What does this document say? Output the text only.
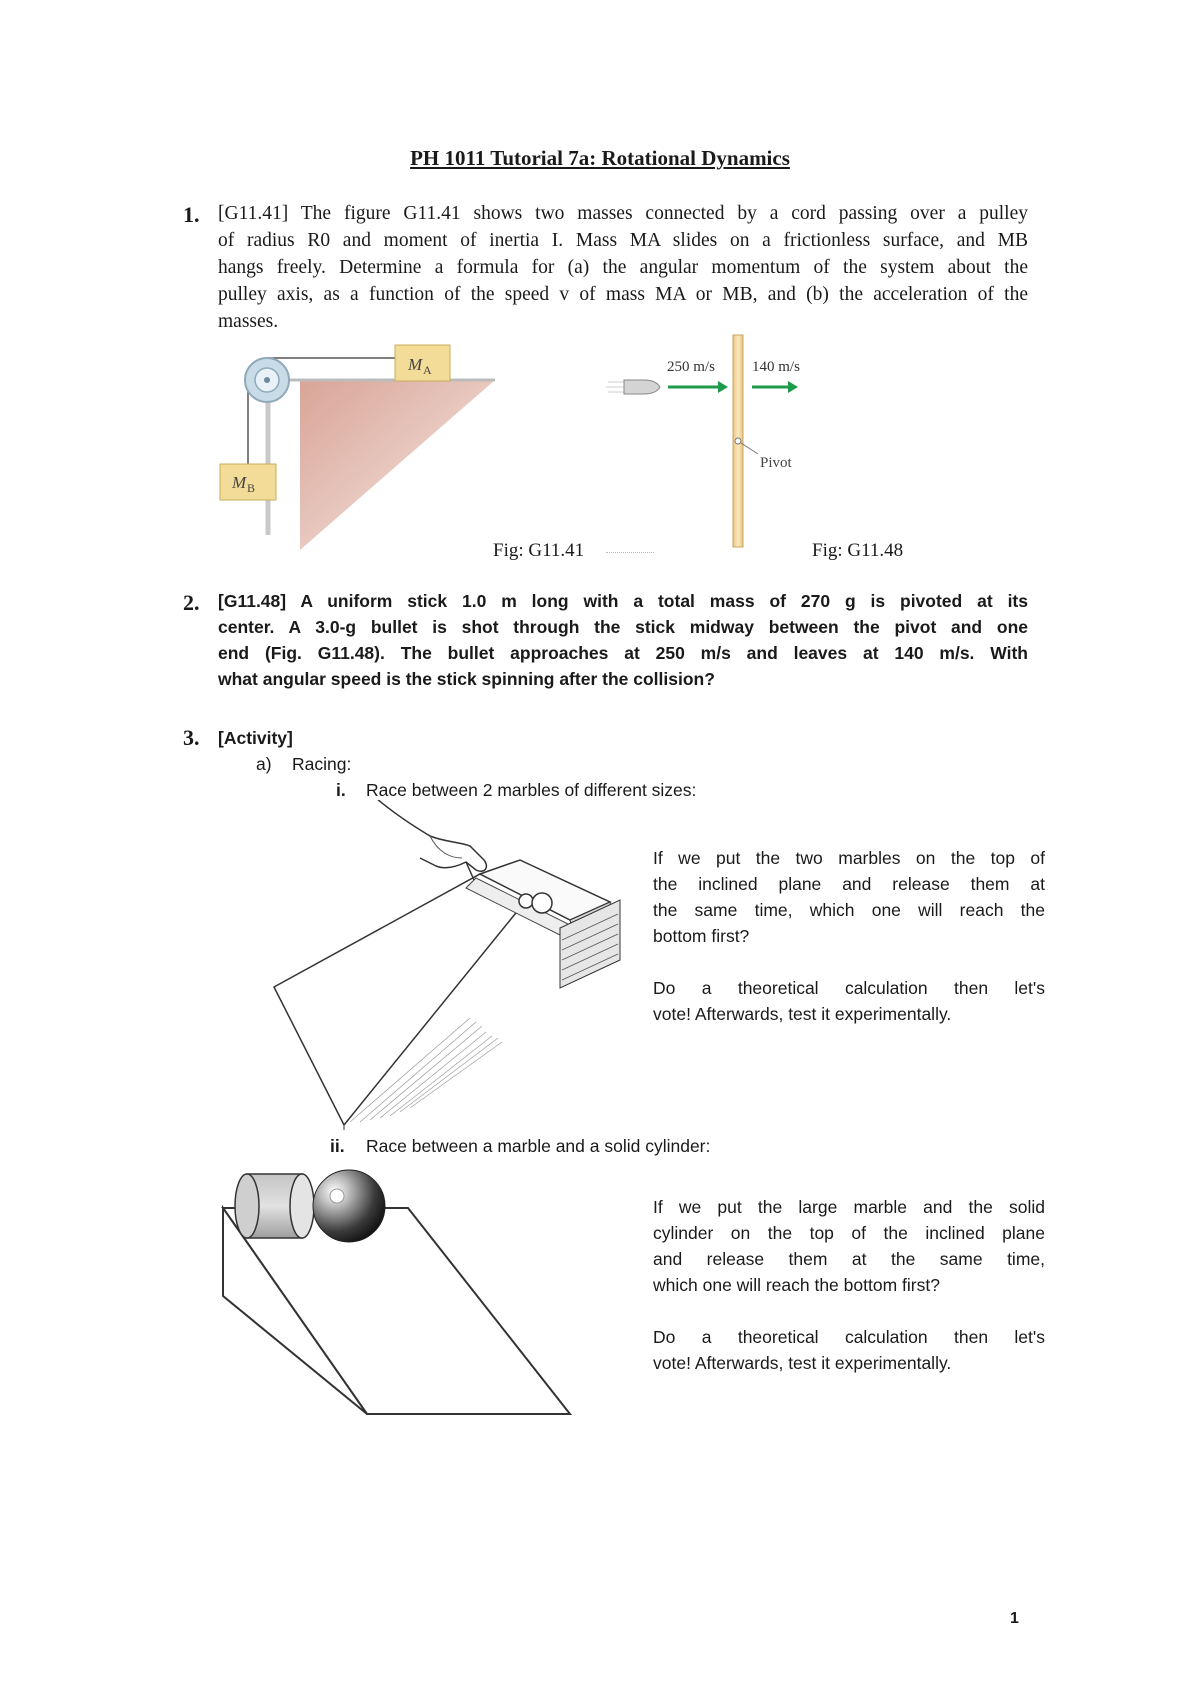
PH 1011 Tutorial 7a: Rotational Dynamics
1. [G11.41] The figure G11.41 shows two masses connected by a cord passing over a pulley
of radius R0 and moment of inertia I. Mass MA slides on a frictionless surface, and MB
hangs freely. Determine a formula for (a) the angular momentum of the system about the
pulley axis, as a function of the speed v of mass MA or MB, and (b) the acceleration of the
masses.
M A
M B
Fig: G11.41
250 m/s 140 m/s
Pivot
Fig: G11.48
2. [G11.48] A uniform stick 1.0 m long with a total mass of 270 g is pivoted at its
center. A 3.0-g bullet is shot through the stick midway between the pivot and one
end (Fig. G11.48). The bullet approaches at 250 m/s and leaves at 140 m/s. With
what angular speed is the stick spinning after the collision?
3. [Activity]
a) Racing:
i. Race between 2 marbles of different sizes:
If we put the two marbles on the top of
the inclined plane and release them at
the same time, which one will reach the
bottom first?
Do a theoretical calculation then let's
vote! Afterwards, test it experimentally.
ii. Race between a marble and a solid cylinder:
If we put the large marble and the solid
cylinder on the top of the inclined plane
and release them at the same time,
which one will reach the bottom first?
Do a theoretical calculation then let's
vote! Afterwards, test it experimentally.
1
